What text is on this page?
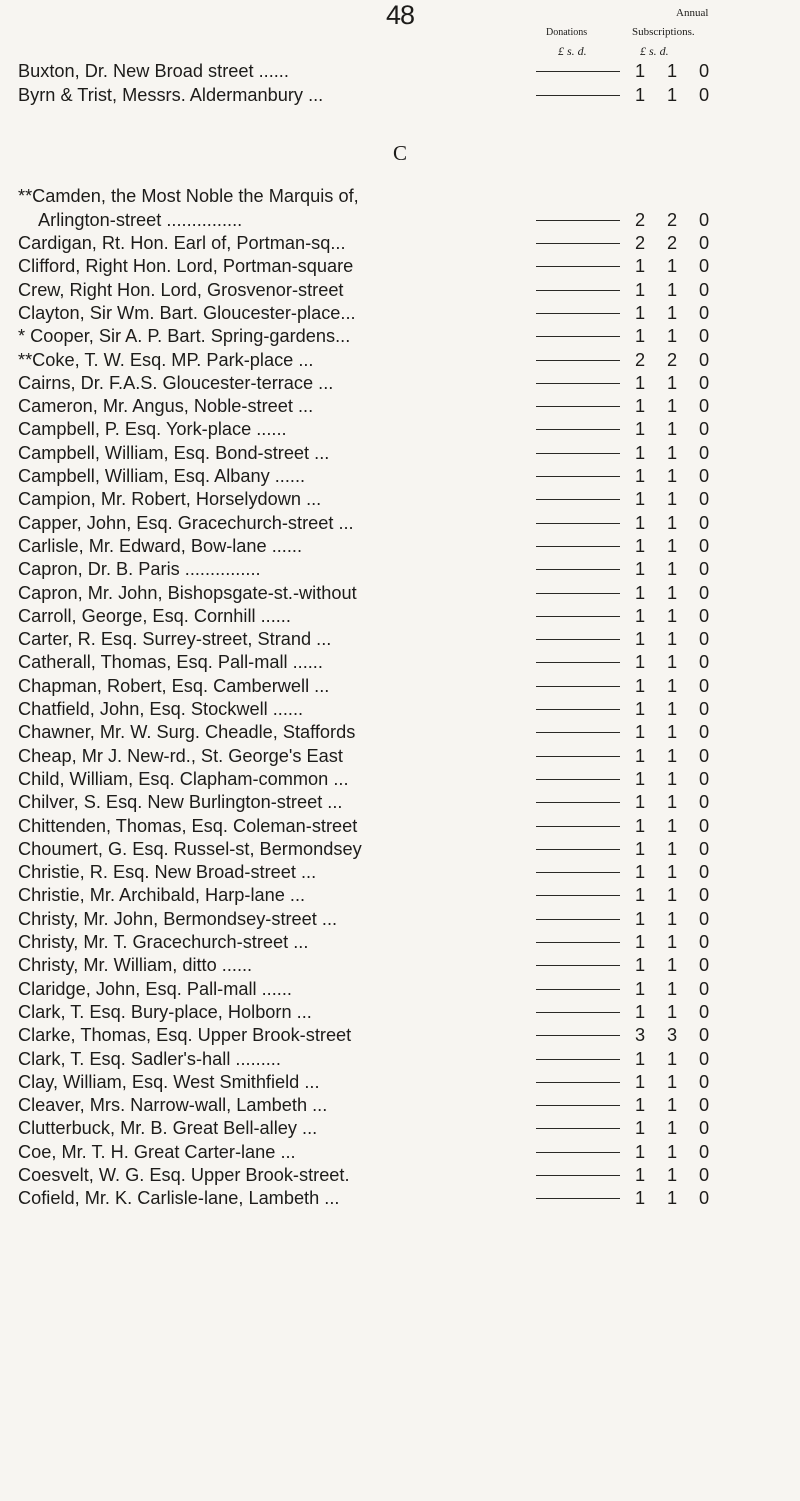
48	Annual
Donations	Subscriptions.
£ s. d.	£ s. d.
Buxton, Dr. New Broad street ......	1 1 0
Byrn & Trist, Messrs. Aldermanbury ...	1 1 0
C
**Camden, the Most Noble the Marquis of,
Arlington-street ...............	2 2 0
Cardigan, Rt. Hon. Earl of, Portman-sq...	2 2 0
Clifford, Right Hon. Lord, Portman-square	1 1 0
Crew, Right Hon. Lord, Grosvenor-street	1 1 0
Clayton, Sir Wm. Bart. Gloucester-place...	1 1 0
* Cooper, Sir A. P. Bart. Spring-gardens...	1 1 0
**Coke, T. W. Esq. MP. Park-place ...	2 2 0
Cairns, Dr. F.A.S. Gloucester-terrace ...	1 1 0
Cameron, Mr. Angus, Noble-street ...	1 1 0
Campbell, P. Esq. York-place ......	1 1 0
Campbell, William, Esq. Bond-street ...	1 1 0
Campbell, William, Esq. Albany ......	1 1 0
Campion, Mr. Robert, Horselydown ...	1 1 0
Capper, John, Esq. Gracechurch-street ...	1 1 0
Carlisle, Mr. Edward, Bow-lane ......	1 1 0
Capron, Dr. B. Paris ...............	1 1 0
Capron, Mr. John, Bishopsgate-st.-without	1 1 0
Carroll, George, Esq. Cornhill ......	1 1 0
Carter, R. Esq. Surrey-street, Strand ...	1 1 0
Catherall, Thomas, Esq. Pall-mall ......	1 1 0
Chapman, Robert, Esq. Camberwell ...	1 1 0
Chatfield, John, Esq. Stockwell ......	1 1 0
Chawner, Mr. W. Surg. Cheadle, Staffords	1 1 0
Cheap, Mr J. New-rd., St. George's East	1 1 0
Child, William, Esq. Clapham-common ...	1 1 0
Chilver, S. Esq. New Burlington-street ...	1 1 0
Chittenden, Thomas, Esq. Coleman-street	1 1 0
Choumert, G. Esq. Russel-st, Bermondsey	1 1 0
Christie, R. Esq. New Broad-street ...	1 1 0
Christie, Mr. Archibald, Harp-lane ...	1 1 0
Christy, Mr. John, Bermondsey-street ...	1 1 0
Christy, Mr. T. Gracechurch-street ...	1 1 0
Christy, Mr. William, ditto ......	1 1 0
Claridge, John, Esq. Pall-mall ......	1 1 0
Clark, T. Esq. Bury-place, Holborn ...	1 1 0
Clarke, Thomas, Esq. Upper Brook-street	3 3 0
Clark, T. Esq. Sadler's-hall .........	1 1 0
Clay, William, Esq. West Smithfield ...	1 1 0
Cleaver, Mrs. Narrow-wall, Lambeth ...	1 1 0
Clutterbuck, Mr. B. Great Bell-alley ...	1 1 0
Coe, Mr. T. H. Great Carter-lane ...	1 1 0
Coesvelt, W. G. Esq. Upper Brook-street.	1 1 0
Cofield, Mr. K. Carlisle-lane, Lambeth ...	1 1 0
